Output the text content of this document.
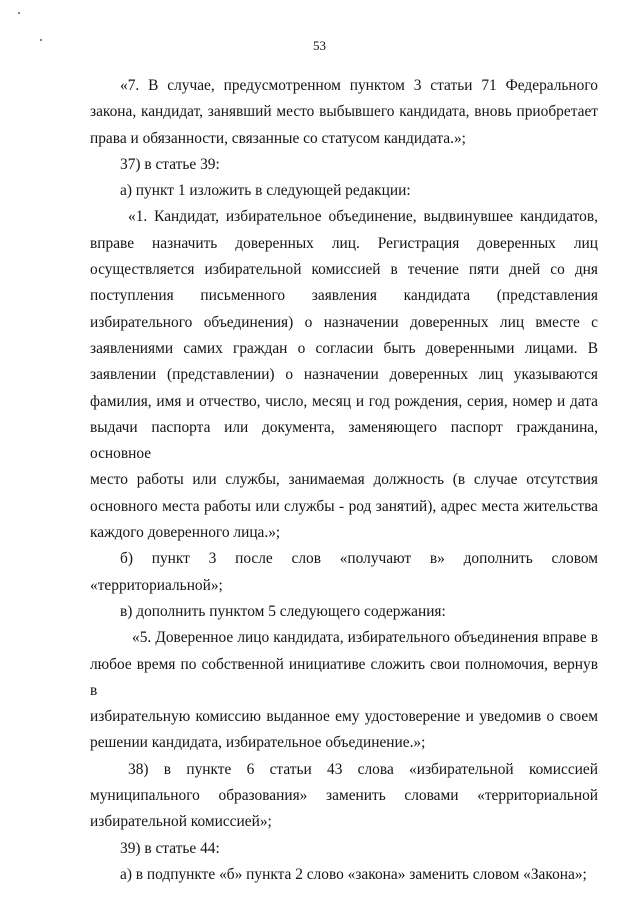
53

«7. В случае, предусмотренном пунктом 3 статьи 71 Федерального

закона, кандидат, занявший место выбывшего кандидата, вновь приобретает

права и обязанности, связанные со статусом кандидата.»;

37) в статье 39:

а) пункт 1 изложить в следующей редакции:

«1. Кандидат, избирательное объединение, выдвинувшее кандидатов,

вправе назначить доверенных лиц. Регистрация доверенных лиц

осуществляется избирательной комиссией в течение пяти дней со дня

поступления письменного заявления кандидата (представления

избирательного объединения) о назначении доверенных лиц вместе с

заявлениями самих граждан о согласии быть доверенными лицами. В

заявлении (представлении) о назначении доверенных лиц указываются

фамилия, имя и отчество, число, месяц и год рождения, серия, номер и дата

выдачи паспорта или документа, заменяющего паспорт гражданина, основное

место работы или службы, занимаемая должность (в случае отсутствия

основного места работы или службы - род занятий), адрес места жительства

каждого доверенного лица.»;

б) пункт 3 после слов «получают в» дополнить словом

«территориальной»;

в) дополнить пунктом 5 следующего содержания:

«5. Доверенное лицо кандидата, избирательного объединения вправе в

любое время по собственной инициативе сложить свои полномочия, вернув в

избирательную комиссию выданное ему удостоверение и уведомив о своем

решении кандидата, избирательное объединение.»;

38) в пункте 6 статьи 43 слова «избирательной комиссией

муниципального образования» заменить словами «территориальной

избирательной комиссией»;

39) в статье 44:

а) в подпункте «б» пункта 2 слово «закона» заменить словом «Закона»;
